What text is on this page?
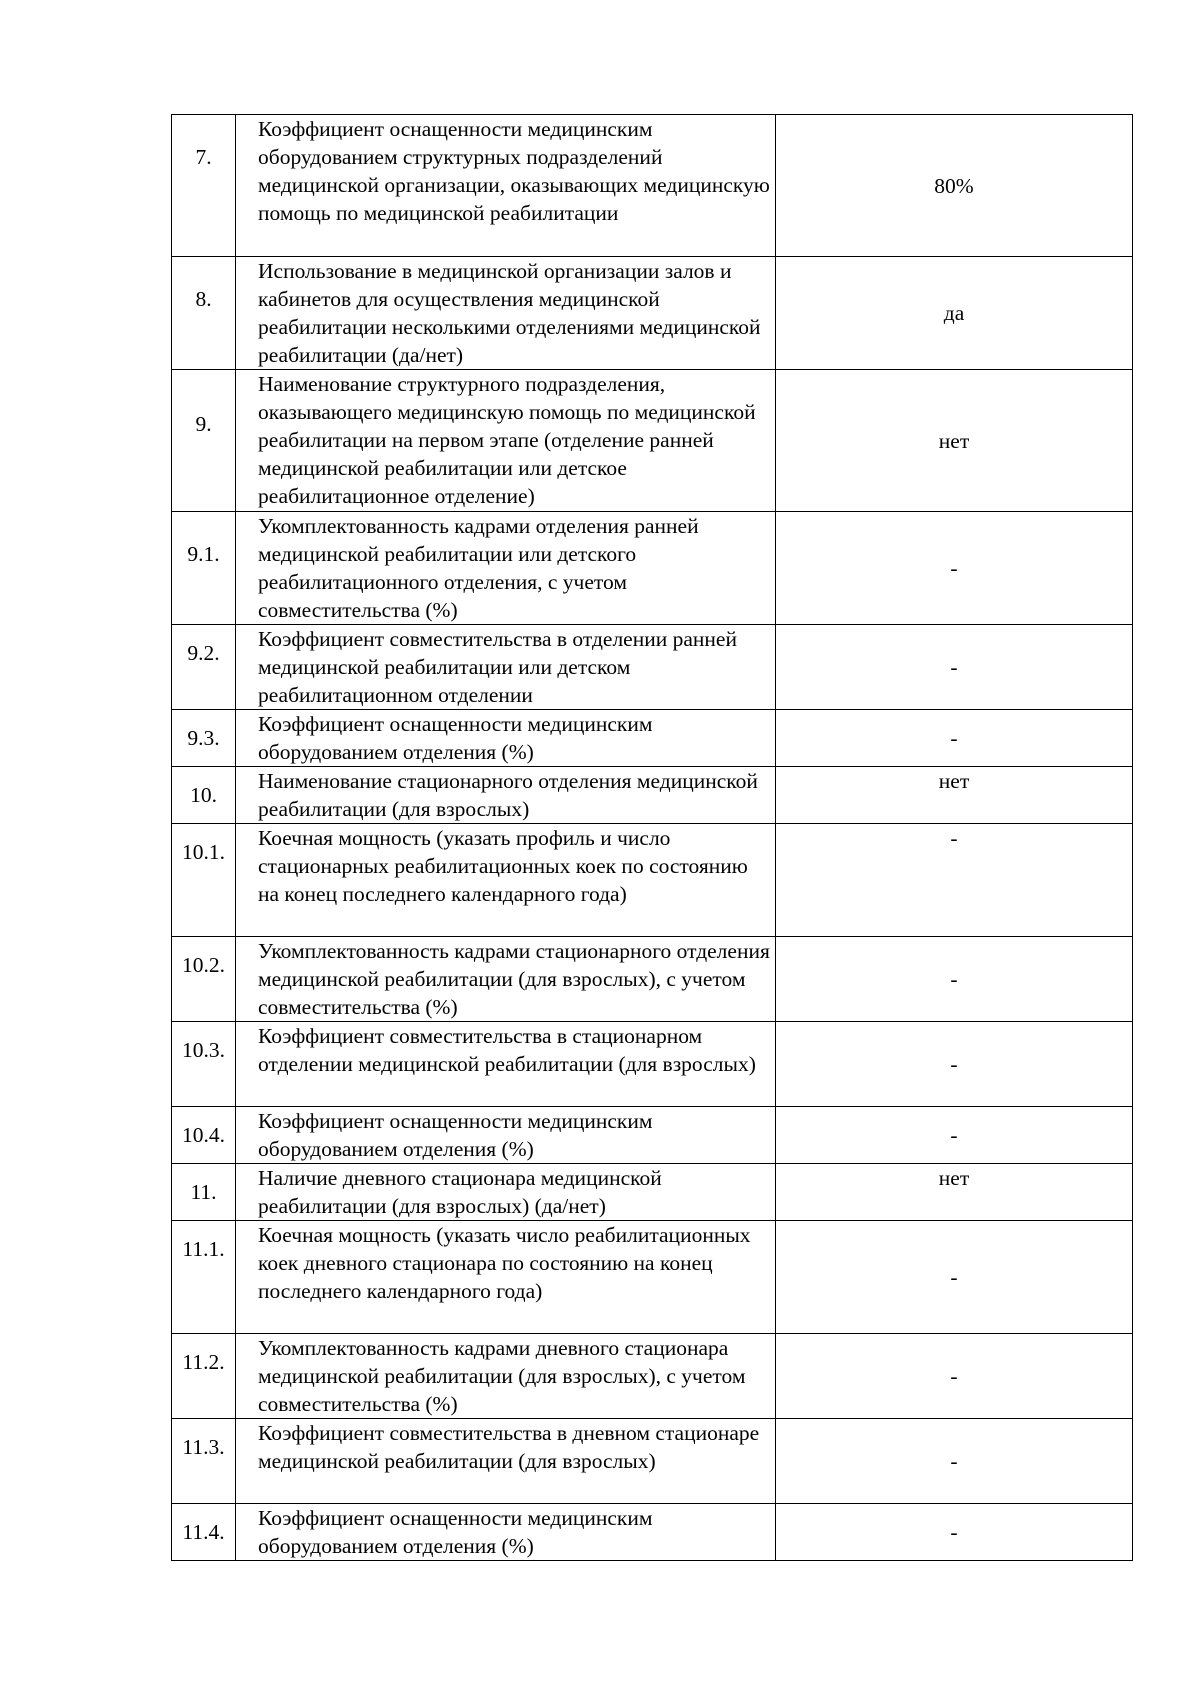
7.	Коэффициент оснащенности медицинским оборудованием структурных подразделений медицинской организации, оказывающих медицинскую помощь по медицинской реабилитации	80%

8.	Использование в медицинской организации залов и кабинетов для осуществления медицинской реабилитации несколькими отделениями медицинской реабилитации (да/нет)	да

9.	Наименование структурного подразделения, оказывающего медицинскую помощь по медицинской реабилитации на первом этапе (отделение ранней медицинской реабилитации или детское реабилитационное отделение)	нет

9.1.	Укомплектованность кадрами отделения ранней медицинской реабилитации или детского реабилитационного отделения, с учетом совместительства (%)	-

9.2.	Коэффициент совместительства в отделении ранней медицинской реабилитации или детском реабилитационном отделении	-

9.3.	Коэффициент оснащенности медицинским оборудованием отделения (%)	-

10.	Наименование стационарного отделения медицинской реабилитации (для взрослых)	нет

10.1.	Коечная мощность (указать профиль и число стационарных реабилитационных коек по состоянию на конец последнего календарного года)	-

10.2.	Укомплектованность кадрами стационарного отделения медицинской реабилитации (для взрослых), с учетом совместительства (%)	-

10.3.	Коэффициент совместительства в стационарном отделении медицинской реабилитации (для взрослых)	-

10.4.	Коэффициент оснащенности медицинским оборудованием отделения (%)	-

11.	Наличие дневного стационара медицинской реабилитации (для взрослых) (да/нет)	нет

11.1.	Коечная мощность (указать число реабилитационных коек дневного стационара по состоянию на конец последнего календарного года)	-

11.2.	Укомплектованность кадрами дневного стационара медицинской реабилитации (для взрослых), с учетом совместительства (%)	-

11.3.	Коэффициент совместительства в дневном стационаре медицинской реабилитации (для взрослых)	-

11.4.	Коэффициент оснащенности медицинским оборудованием отделения (%)	-
